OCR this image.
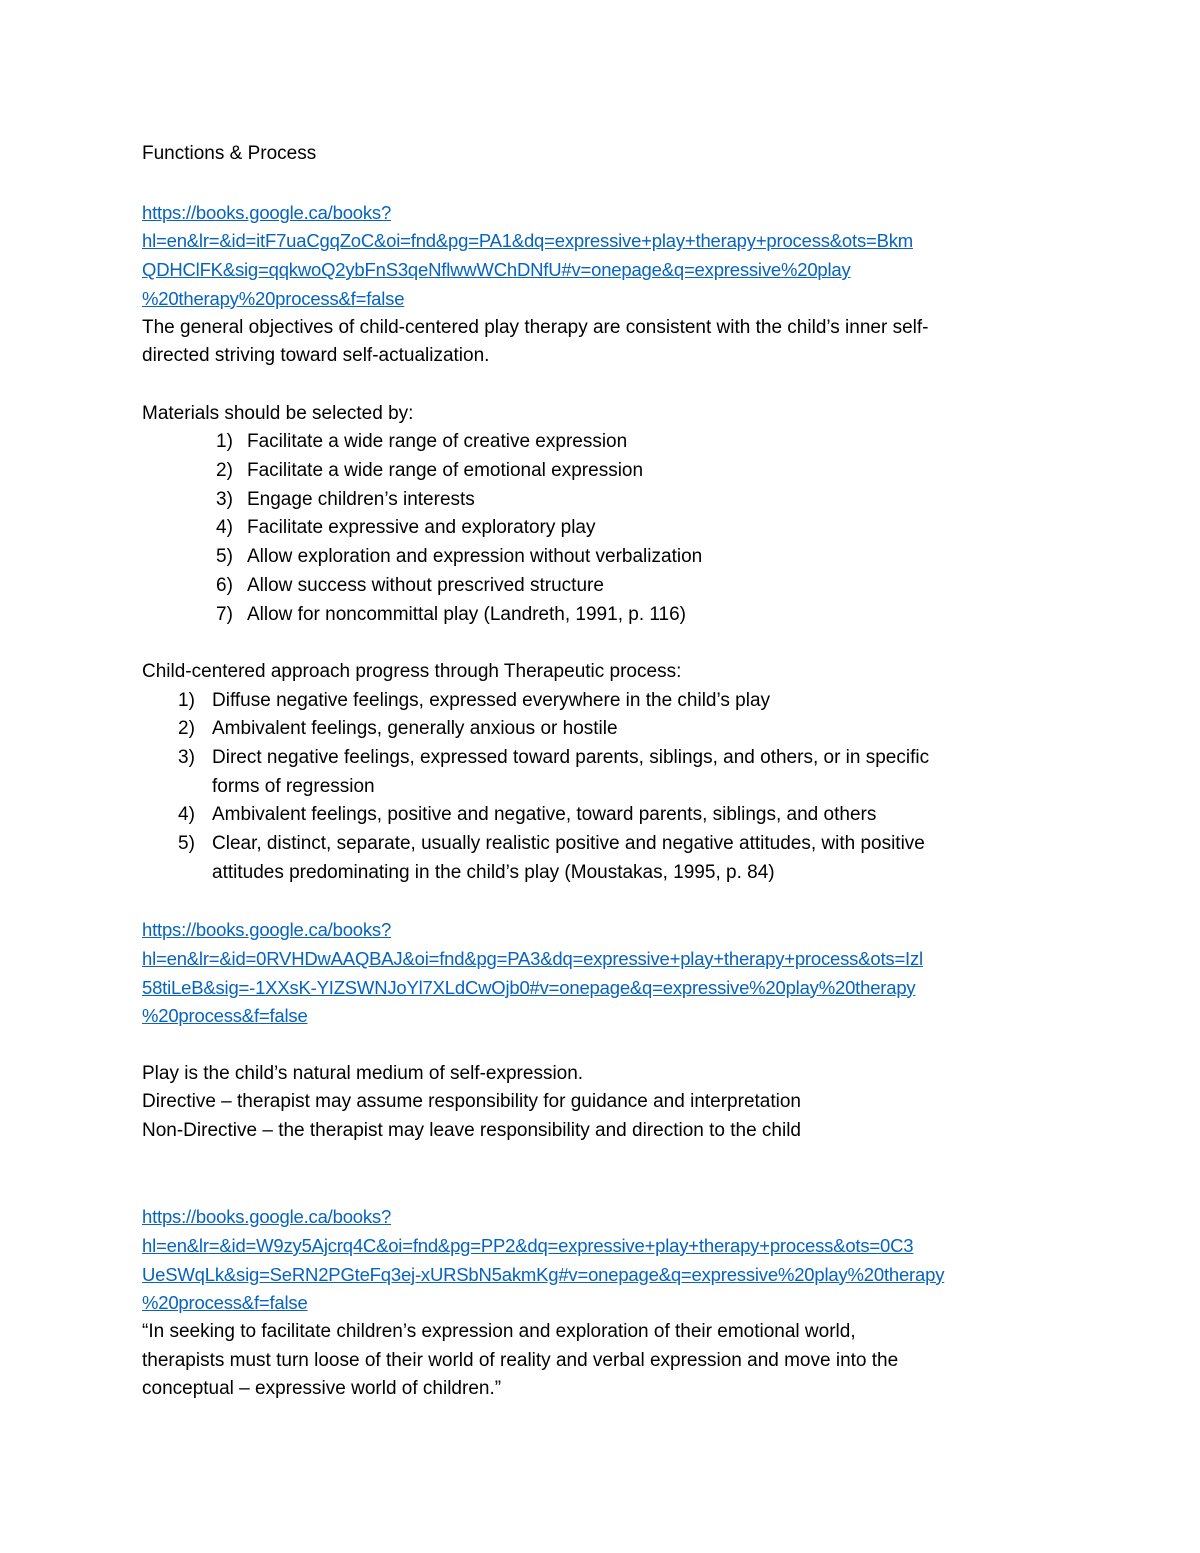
Functions & Process
https://books.google.ca/books?
hl=en&lr=&id=itF7uaCgqZoC&oi=fnd&pg=PA1&dq=expressive+play+therapy+process&ots=Bkm
QDHClFK&sig=qqkwoQ2ybFnS3qeNflwwWChDNfU#v=onepage&q=expressive%20play
%20therapy%20process&f=false
The general objectives of child-centered play therapy are consistent with the child’s inner self-
directed striving toward self-actualization.
Materials should be selected by:
1) Facilitate a wide range of creative expression
2) Facilitate a wide range of emotional expression
3) Engage children’s interests
4) Facilitate expressive and exploratory play
5) Allow exploration and expression without verbalization
6) Allow success without prescrived structure
7) Allow for noncommittal play (Landreth, 1991, p. 116)
Child-centered approach progress through Therapeutic process:
1) Diffuse negative feelings, expressed everywhere in the child’s play
2) Ambivalent feelings, generally anxious or hostile
3) Direct negative feelings, expressed toward parents, siblings, and others, or in specific
forms of regression
4) Ambivalent feelings, positive and negative, toward parents, siblings, and others
5) Clear, distinct, separate, usually realistic positive and negative attitudes, with positive
attitudes predominating in the child’s play (Moustakas, 1995, p. 84)
https://books.google.ca/books?
hl=en&lr=&id=0RVHDwAAQBAJ&oi=fnd&pg=PA3&dq=expressive+play+therapy+process&ots=Izl
58tiLeB&sig=-1XXsK-YIZSWNJoYl7XLdCwOjb0#v=onepage&q=expressive%20play%20therapy
%20process&f=false
Play is the child’s natural medium of self-expression.
Directive – therapist may assume responsibility for guidance and interpretation
Non-Directive – the therapist may leave responsibility and direction to the child
https://books.google.ca/books?
hl=en&lr=&id=W9zy5Ajcrq4C&oi=fnd&pg=PP2&dq=expressive+play+therapy+process&ots=0C3
UeSWqLk&sig=SeRN2PGteFq3ej-xURSbN5akmKg#v=onepage&q=expressive%20play%20therapy
%20process&f=false
“In seeking to facilitate children’s expression and exploration of their emotional world,
therapists must turn loose of their world of reality and verbal expression and move into the
conceptual – expressive world of children.”
